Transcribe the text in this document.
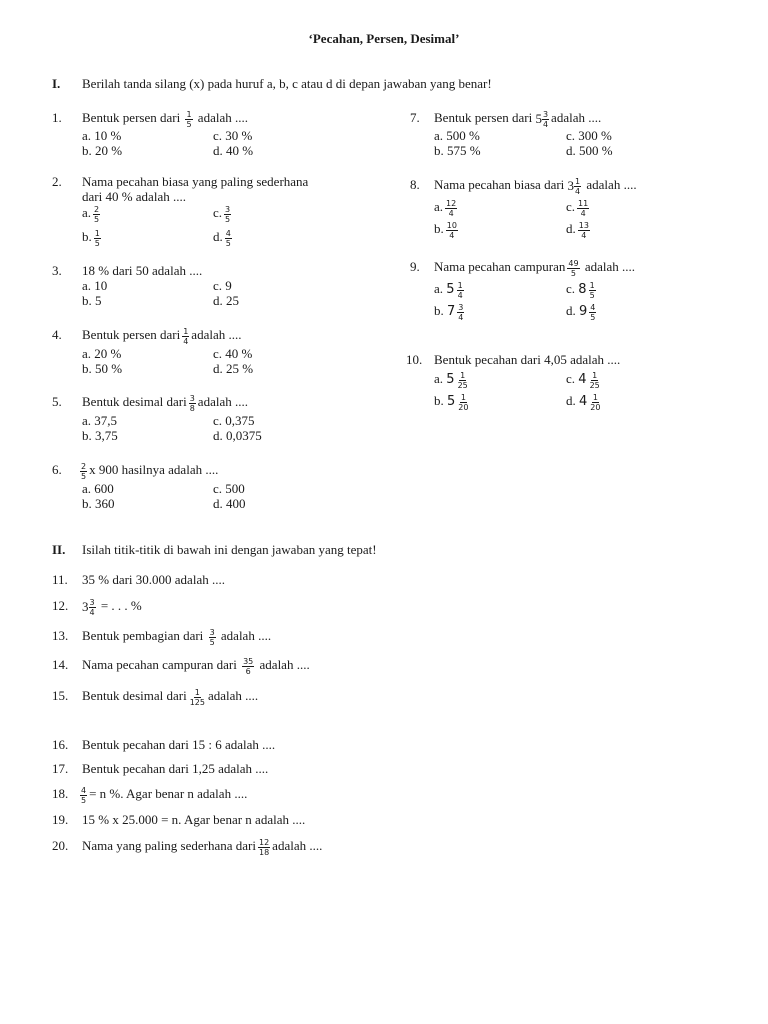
‘Pecahan, Persen, Desimal’
I. Berilah tanda silang (x) pada huruf a, b, c atau d di depan jawaban yang benar!
1. Bentuk persen dari $\frac{1}{5}$ adalah ....
a. 10 %	c. 30 %
b. 20 %	d. 40 %
2. Nama pecahan biasa yang paling sederhana
dari 40 % adalah ....
a. $\frac{2}{5}$	c. $\frac{3}{5}$
b. $\frac{1}{5}$	d. $\frac{4}{5}$
3. 18 % dari 50 adalah ....
a. 10	c. 9
b. 5	d. 25
4. Bentuk persen dari $\frac{1}{4}$ adalah ....
a. 20 %	c. 40 %
b. 50 %	d. 25 %
5. Bentuk desimal dari $\frac{3}{8}$ adalah ....
a. 37,5	c. 0,375
b. 3,75	d. 0,0375
6. $\frac{2}{5}$ x 900 hasilnya adalah ....
a. 600	c. 500
b. 360	d. 400
7. Bentuk persen dari $5 \frac{3}{4}$ adalah ....
a. 500 %	c. 300 %
b. 575 %	d. 500 %
8. Nama pecahan biasa dari $3 \frac{1}{4}$ adalah ....
a. $\frac{12}{4}$	c. $\frac{11}{4}$
b. $\frac{10}{4}$	d. $\frac{13}{4}$
9. Nama pecahan campuran $\frac{49}{5}$ adalah ....
a. $5 \frac{1}{4}$	c. $8 \frac{1}{5}$
b. $7 \frac{3}{4}$	d. $9 \frac{4}{5}$
10. Bentuk pecahan dari 4,05 adalah ....
a. $5 \frac{1}{25}$	c. $4 \frac{1}{25}$
b. $5 \frac{1}{20}$	d. $4 \frac{1}{20}$
II. Isilah titik-titik di bawah ini dengan jawaban yang tepat!
11. 35 % dari 30.000 adalah ....
12. $3 \frac{3}{4}$ = . . . %
13. Bentuk pembagian dari $\frac{3}{5}$ adalah ....
14. Nama pecahan campuran dari $\frac{35}{6}$ adalah ....
15. Bentuk desimal dari $\frac{1}{125}$ adalah ....
16. Bentuk pecahan dari 15 : 6 adalah ....
17. Bentuk pecahan dari 1,25 adalah ....
18. $\frac{4}{5} = n$ %. Agar benar n adalah ....
19. 15 % x 25.000 = n. Agar benar n adalah ....
20. Nama yang paling sederhana dari $\frac{12}{18}$ adalah ....
